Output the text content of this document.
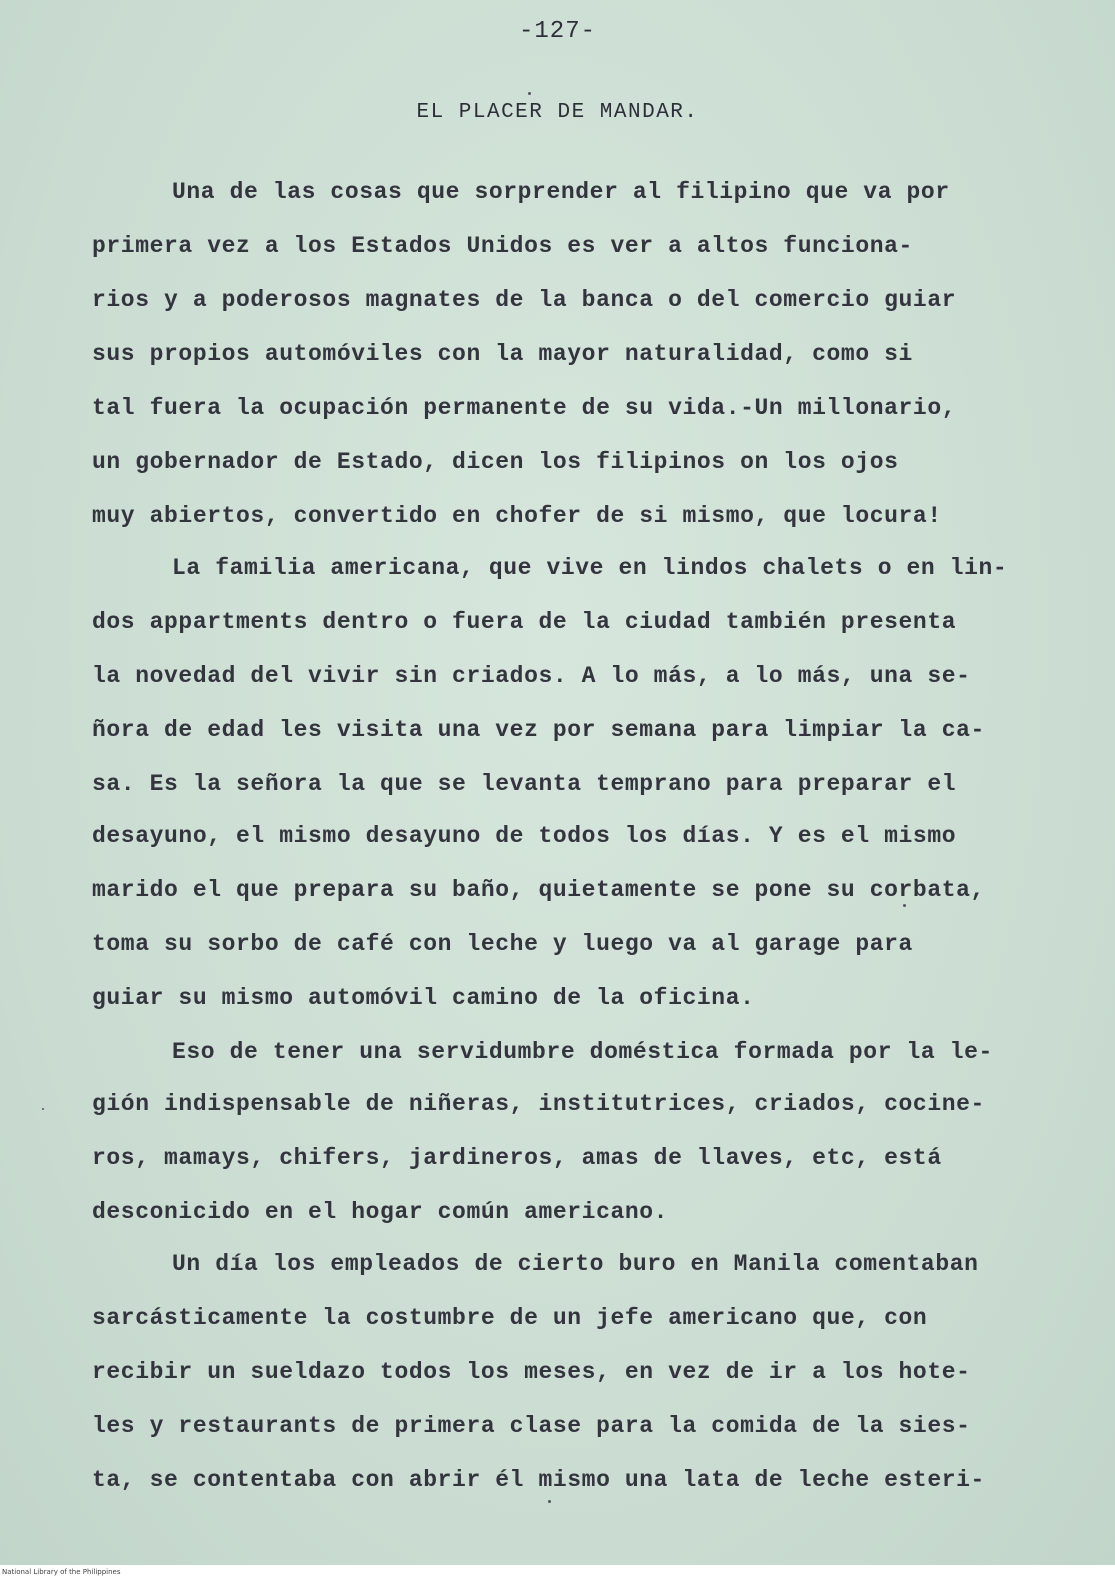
-127-
EL PLACER DE MANDAR.
Una de las cosas que sorprender al filipino que va por
primera vez a los Estados Unidos es ver a altos funciona-
rios y a poderosos magnates de la banca o del comercio guiar
sus propios automóviles con la mayor naturalidad, como si
tal fuera la ocupación permanente de su vida.-Un millonario,
un gobernador de Estado, dicen los filipinos on los ojos
muy abiertos, convertido en chofer de si mismo, que locura!
La familia americana, que vive en lindos chalets o en lin-
dos appartments dentro o fuera de la ciudad también presenta
la novedad del vivir sin criados. A lo más, a lo más, una se-
ñora de edad les visita una vez por semana para limpiar la ca-
sa. Es la señora la que se levanta temprano para preparar el
desayuno, el mismo desayuno de todos los días. Y es el mismo
marido el que prepara su baño, quietamente se pone su corbata,
toma su sorbo de café con leche y luego va al garage para
guiar su mismo automóvil camino de la oficina.
Eso de tener una servidumbre doméstica formada por la le-
gión indispensable de niñeras, institutrices, criados, cocine-
ros, mamays, chifers, jardineros, amas de llaves, etc, está
desconicido en el hogar común americano.
Un día los empleados de cierto buro en Manila comentaban
sarcásticamente la costumbre de un jefe americano que, con
recibir un sueldazo todos los meses, en vez de ir a los hote-
les y restaurants de primera clase para la comida de la sies-
ta, se contentaba con abrir él mismo una lata de leche esteri-
National Library of the Philippines
